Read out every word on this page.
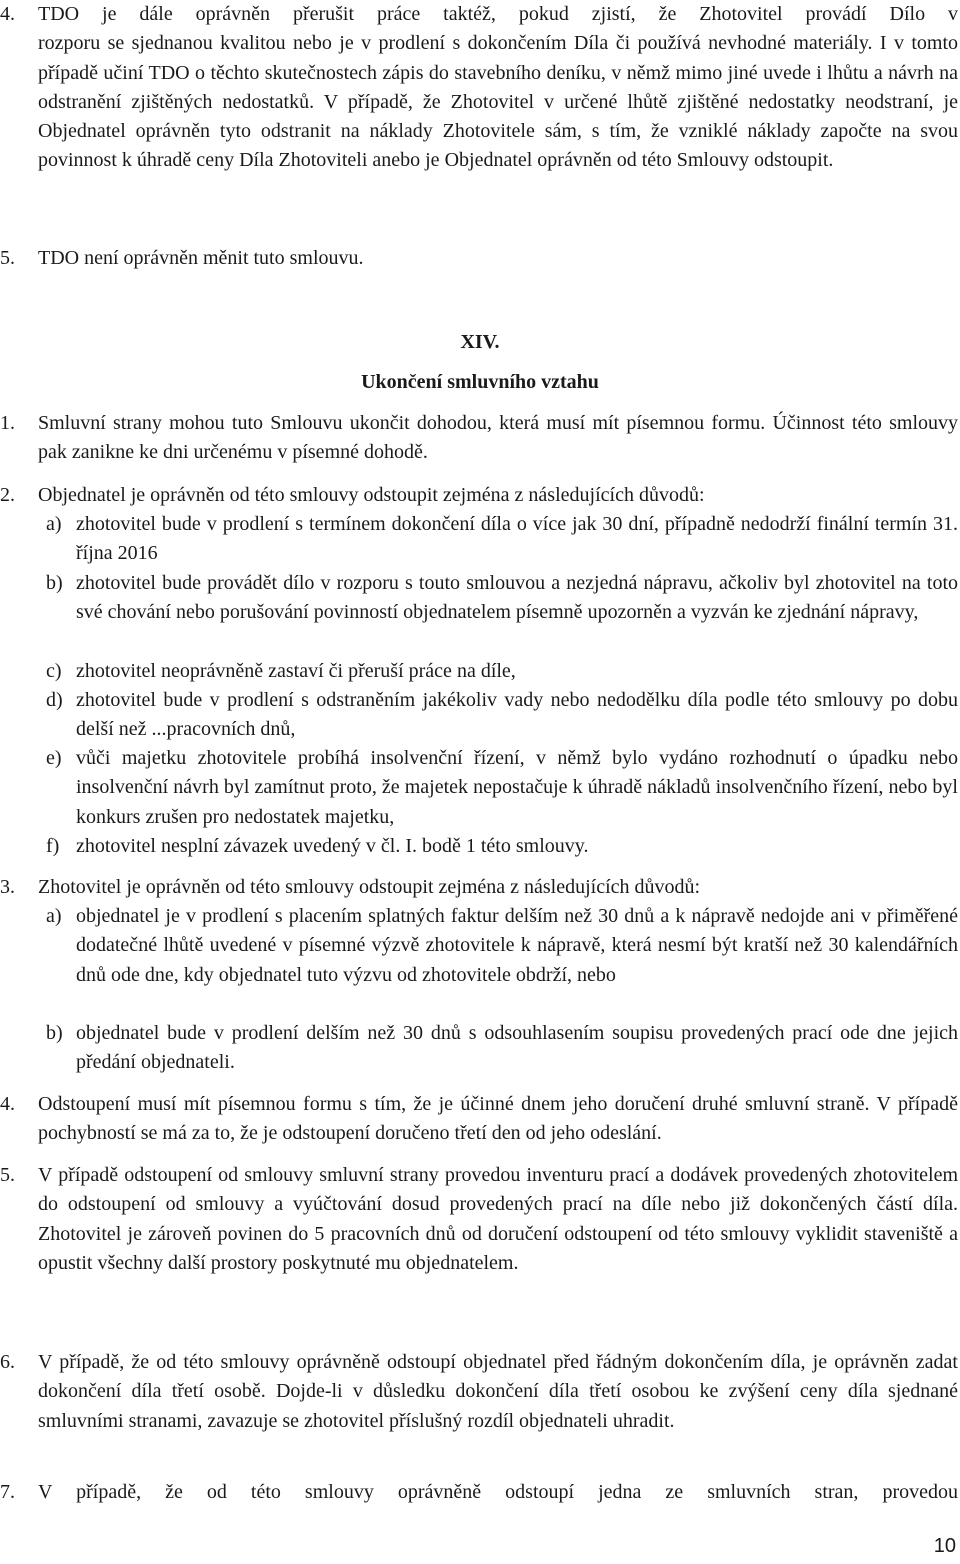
4. TDO je dále oprávněn přerušit práce taktéž, pokud zjistí, že Zhotovitel provádí Dílo v
rozporu se sjednanou kvalitou nebo je v prodlení s dokončením Díla či používá nevhodné materiály. I v tomto případě učiní TDO o těchto skutečnostech zápis do stavebního deníku, v němž mimo jiné uvede i lhůtu a návrh na odstranění zjištěných nedostatků. V případě, že Zhotovitel v určené lhůtě zjištěné nedostatky neodstraní, je Objednatel oprávněn tyto odstranit na náklady Zhotovitele sám, s tím, že vzniklé náklady započte na svou povinnost k úhradě ceny Díla Zhotoviteli anebo je Objednatel oprávněn od této Smlouvy odstoupit.
5. TDO není oprávněn měnit tuto smlouvu.
XIV.
Ukončení smluvního vztahu
1. Smluvní strany mohou tuto Smlouvu ukončit dohodou, která musí mít písemnou formu. Účinnost této smlouvy pak zanikne ke dni určenému v písemné dohodě.
2. Objednatel je oprávněn od této smlouvy odstoupit zejména z následujících důvodů:
a) zhotovitel bude v prodlení s termínem dokončení díla o více jak 30 dní, případně nedodrží finální termín 31. října 2016
b) zhotovitel bude provádět dílo v rozporu s touto smlouvou a nezjedná nápravu, ačkoliv byl zhotovitel na toto své chování nebo porušování povinností objednatelem písemně upozorněn a vyzván ke zjednání nápravy,
c) zhotovitel neoprávněně zastaví či přeruší práce na díle,
d) zhotovitel bude v prodlení s odstraněním jakékoliv vady nebo nedodělku díla podle této smlouvy po dobu delší než ...pracovních dnů,
e) vůči majetku zhotovitele probíhá insolvenční řízení, v němž bylo vydáno rozhodnutí o úpadku nebo insolvenční návrh byl zamítnut proto, že majetek nepostačuje k úhradě nákladů insolvenčního řízení, nebo byl konkurs zrušen pro nedostatek majetku,
f) zhotovitel nesplní závazek uvedený v čl. I. bodě 1 této smlouvy.
3. Zhotovitel je oprávněn od této smlouvy odstoupit zejména z následujících důvodů:
a) objednatel je v prodlení s placením splatných faktur delším než 30 dnů a k nápravě nedojde ani v přiměřené dodatečné lhůtě uvedené v písemné výzvě zhotovitele k nápravě, která nesmí být kratší než 30 kalendářních dnů ode dne, kdy objednatel tuto výzvu od zhotovitele obdrží, nebo
b) objednatel bude v prodlení delším než 30 dnů s odsouhlasením soupisu provedených prací ode dne jejich předání objednateli.
4. Odstoupení musí mít písemnou formu s tím, že je účinné dnem jeho doručení druhé smluvní straně. V případě pochybností se má za to, že je odstoupení doručeno třetí den od jeho odeslání.
5. V případě odstoupení od smlouvy smluvní strany provedou inventuru prací a dodávek provedených zhotovitelem do odstoupení od smlouvy a vyúčtování dosud provedených prací na díle nebo již dokončených částí díla. Zhotovitel je zároveň povinen do 5 pracovních dnů od doručení odstoupení od této smlouvy vyklidit staveniště a opustit všechny další prostory poskytnuté mu objednatelem.
6. V případě, že od této smlouvy oprávněně odstoupí objednatel před řádným dokončením díla, je oprávněn zadat dokončení díla třetí osobě. Dojde-li v důsledku dokončení díla třetí osobou ke zvýšení ceny díla sjednané smluvními stranami, zavazuje se zhotovitel příslušný rozdíl objednateli uhradit.
7. V případě, že od této smlouvy oprávněně odstoupí jedna ze smluvních stran, provedou
10
